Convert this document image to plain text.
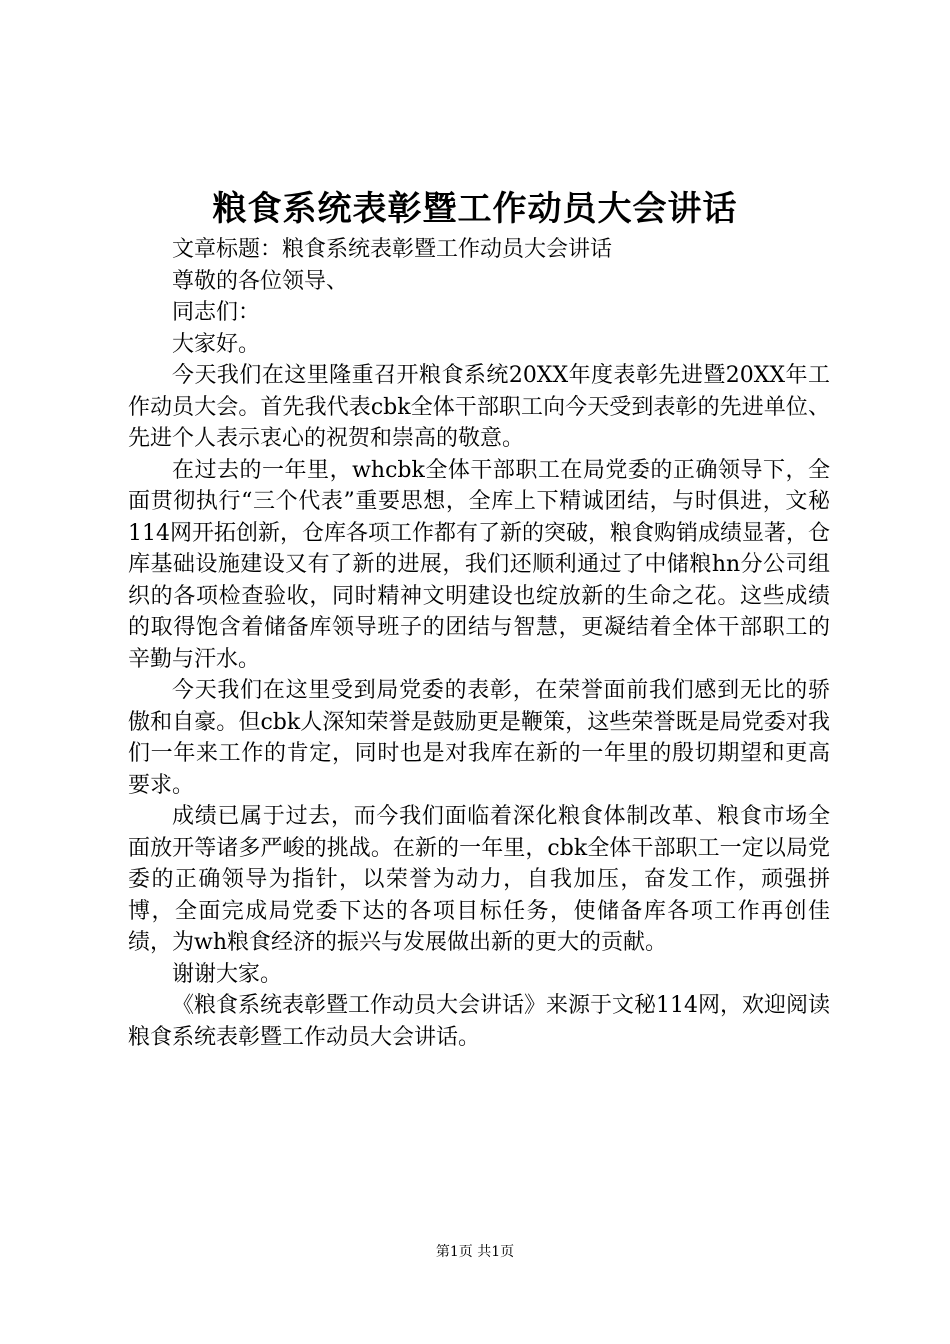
粮食系统表彰暨工作动员大会讲话

文章标题：粮食系统表彰暨工作动员大会讲话

尊敬的各位领导、

同志们：

大家好。

今天我们在这里隆重召开粮食系统20XX年度表彰先进暨20XX年工作动员大会。首先我代表cbk全体干部职工向今天受到表彰的先进单位、先进个人表示衷心的祝贺和崇高的敬意。

在过去的一年里，whcbk全体干部职工在局党委的正确领导下，全面贯彻执行“三个代表”重要思想，全库上下精诚团结，与时俱进，文秘114网开拓创新，仓库各项工作都有了新的突破，粮食购销成绩显著，仓库基础设施建设又有了新的进展，我们还顺利通过了中储粮hn分公司组织的各项检查验收，同时精神文明建设也绽放新的生命之花。这些成绩的取得饱含着储备库领导班子的团结与智慧，更凝结着全体干部职工的辛勤与汗水。

今天我们在这里受到局党委的表彰，在荣誉面前我们感到无比的骄傲和自豪。但cbk人深知荣誉是鼓励更是鞭策，这些荣誉既是局党委对我们一年来工作的肯定，同时也是对我库在新的一年里的殷切期望和更高要求。

成绩已属于过去，而今我们面临着深化粮食体制改革、粮食市场全面放开等诸多严峻的挑战。在新的一年里，cbk全体干部职工一定以局党委的正确领导为指针，以荣誉为动力，自我加压，奋发工作，顽强拼博，全面完成局党委下达的各项目标任务，使储备库各项工作再创佳绩，为wh粮食经济的振兴与发展做出新的更大的贡献。

谢谢大家。

《粮食系统表彰暨工作动员大会讲话》来源于文秘114网，欢迎阅读粮食系统表彰暨工作动员大会讲话。

第1页 共1页
